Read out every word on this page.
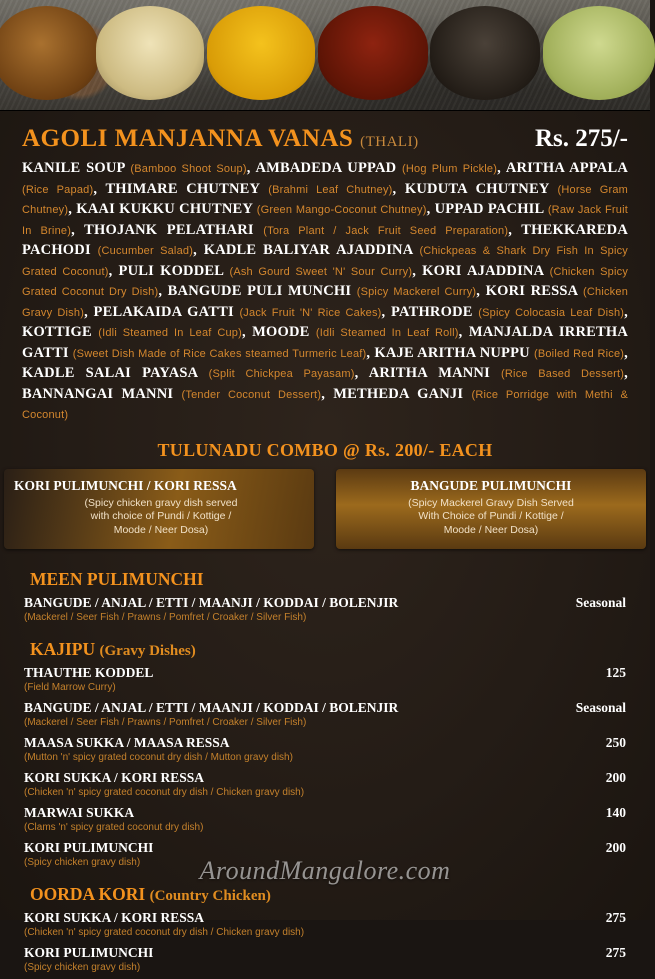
AGOLI MANJANNA VANAS (THALI)	Rs. 275/-
KANILE SOUP (Bamboo Shoot Soup), AMBADEDA UPPAD (Hog Plum Pickle), ARITHA APPALA (Rice Papad), THIMARE CHUTNEY (Brahmi Leaf Chutney), KUDUTA CHUTNEY (Horse Gram Chutney), KAAI KUKKU CHUTNEY (Green Mango-Coconut Chutney), UPPAD PACHIL (Raw Jack Fruit In Brine), THOJANK PELATHARI (Tora Plant / Jack Fruit Seed Preparation), THEKKAREDA PACHODI (Cucumber Salad), KADLE BALIYAR AJADDINA (Chickpeas & Shark Dry Fish In Spicy Grated Coconut), PULI KODDEL (Ash Gourd Sweet 'N' Sour Curry), KORI AJADDINA (Chicken Spicy Grated Coconut Dry Dish), BANGUDE PULI MUNCHI (Spicy Mackerel Curry), KORI RESSA (Chicken Gravy Dish), PELAKAIDA GATTI (Jack Fruit 'N' Rice Cakes), PATHRODE (Spicy Colocasia Leaf Dish), KOTTIGE (Idli Steamed In Leaf Cup), MOODE (Idli Steamed In Leaf Roll), MANJALDA IRRETHA GATTI (Sweet Dish Made of Rice Cakes steamed Turmeric Leaf), KAJE ARITHA NUPPU (Boiled Red Rice), KADLE SALAI PAYASA (Split Chickpea Payasam), ARITHA MANNI (Rice Based Dessert), BANNANGAI MANNI (Tender Coconut Dessert), METHEDA GANJI (Rice Porridge with Methi & Coconut)
TULUNADU COMBO @ Rs. 200/- EACH
KORI PULIMUNCHI / KORI RESSA
(Spicy chicken gravy dish served
with choice of Pundi / Kottige /
Moode / Neer Dosa)
BANGUDE PULIMUNCHI
(Spicy Mackerel Gravy Dish Served
With Choice of Pundi / Kottige /
Moode / Neer Dosa)
MEEN PULIMUNCHI
BANGUDE / ANJAL / ETTI / MAANJI / KODDAI / BOLENJIR
(Mackerel / Seer Fish / Prawns / Pomfret / Croaker / Silver Fish)
Seasonal
KAJIPU (Gravy Dishes)
THAUTHE KODDEL
(Field Marrow Curry)
125
BANGUDE / ANJAL / ETTI / MAANJI / KODDAI / BOLENJIR
(Mackerel / Seer Fish / Prawns / Pomfret / Croaker / Silver Fish)
Seasonal
MAASA SUKKA / MAASA RESSA
(Mutton 'n' spicy grated coconut dry dish / Mutton gravy dish)
250
KORI SUKKA / KORI RESSA
(Chicken 'n' spicy grated coconut dry dish / Chicken gravy dish)
200
MARWAI SUKKA
(Clams 'n' spicy grated coconut dry dish)
140
KORI PULIMUNCHI
(Spicy chicken gravy dish)
200
OORDA KORI (Country Chicken)
KORI SUKKA / KORI RESSA
(Chicken 'n' spicy grated coconut dry dish / Chicken gravy dish)
275
KORI PULIMUNCHI
(Spicy chicken gravy dish)
275
AroundMangalore.com
